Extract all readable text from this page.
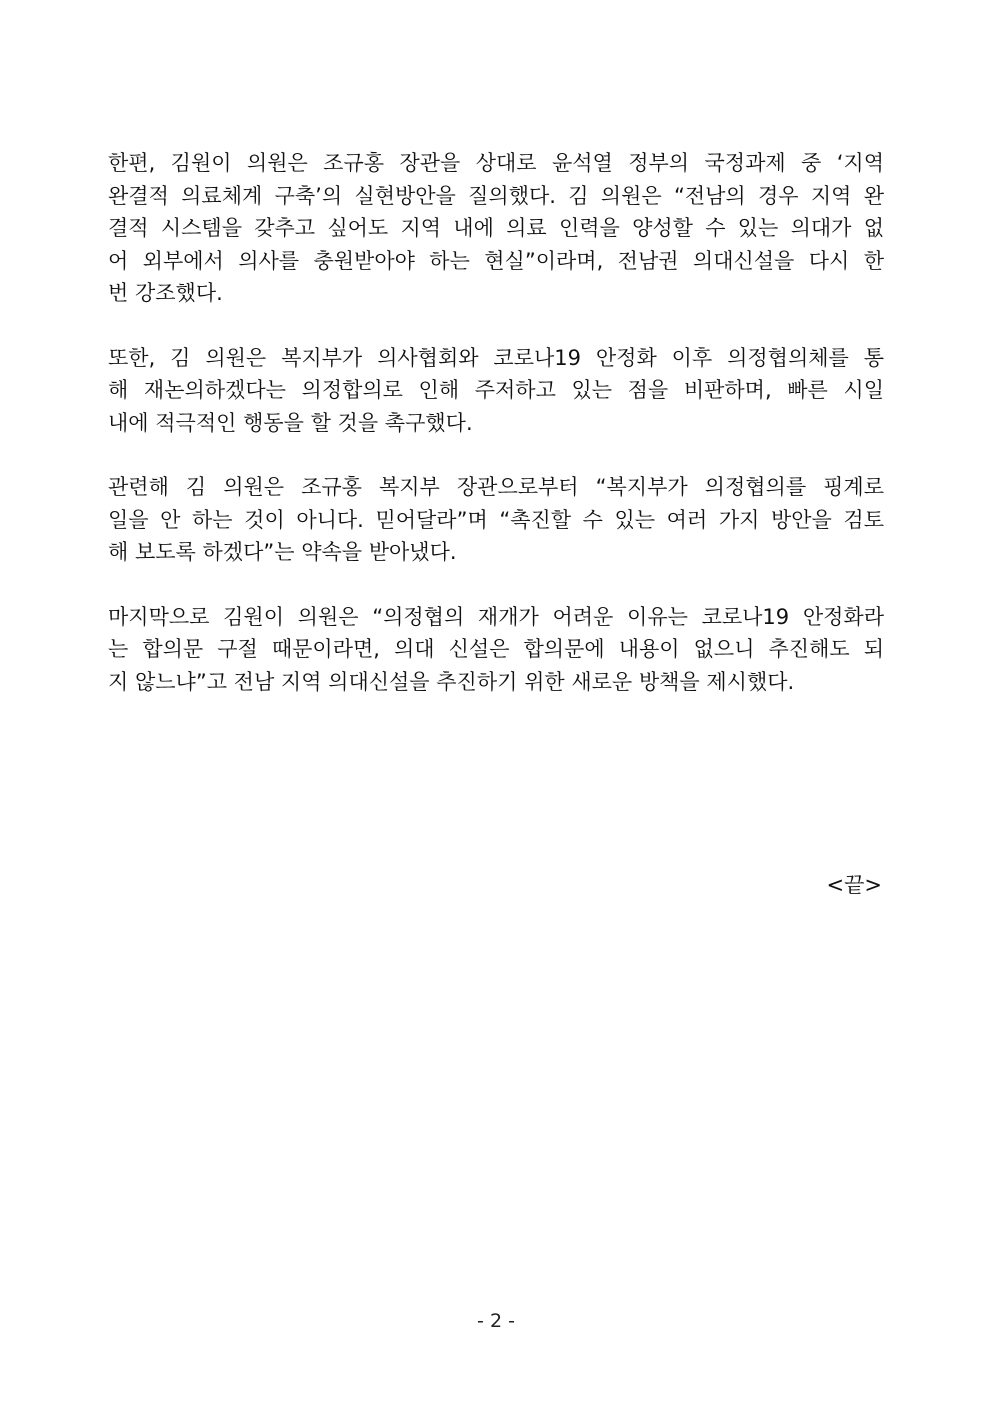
한편, 김원이 의원은 조규홍 장관을 상대로 윤석열 정부의 국정과제 중 ‘지역
완결적 의료체계 구축’의 실현방안을 질의했다. 김 의원은 “전남의 경우 지역 완
결적 시스템을 갖추고 싶어도 지역 내에 의료 인력을 양성할 수 있는 의대가 없
어 외부에서 의사를 충원받아야 하는 현실”이라며, 전남권 의대신설을 다시 한
번 강조했다.
또한, 김 의원은 복지부가 의사협회와 코로나19 안정화 이후 의정협의체를 통
해 재논의하겠다는 의정합의로 인해 주저하고 있는 점을 비판하며, 빠른 시일
내에 적극적인 행동을 할 것을 촉구했다.
관련해 김 의원은 조규홍 복지부 장관으로부터 “복지부가 의정협의를 핑계로
일을 안 하는 것이 아니다. 믿어달라”며 “촉진할 수 있는 여러 가지 방안을 검토
해 보도록 하겠다”는 약속을 받아냈다.
마지막으로 김원이 의원은 “의정협의 재개가 어려운 이유는 코로나19 안정화라
는 합의문 구절 때문이라면, 의대 신설은 합의문에 내용이 없으니 추진해도 되
지 않느냐”고 전남 지역 의대신설을 추진하기 위한 새로운 방책을 제시했다.
<끝>
- 2 -
